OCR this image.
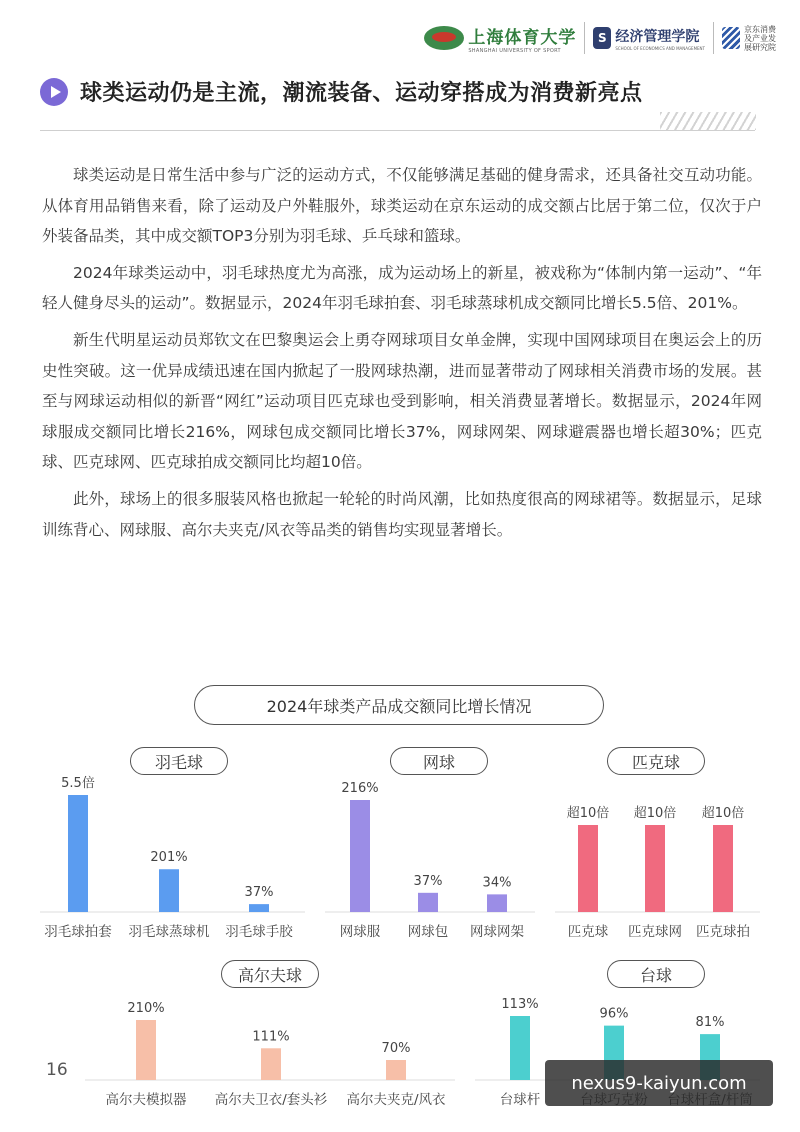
上海体育大学
SHANGHAI UNIVERSITY OF SPORT
S 经济管理学院
SCHOOL OF ECONOMICS AND MANAGEMENT
京东消费及产业发展研究院
球类运动仍是主流，潮流装备、运动穿搭成为消费新亮点

球类运动是日常生活中参与广泛的运动方式，不仅能够满足基础的健身需求，还具备社交互动功能。从体育用品销售来看，除了运动及户外鞋服外，球类运动在京东运动的成交额占比居于第二位，仅次于户外装备品类，其中成交额TOP3分别为羽毛球、乒乓球和篮球。

2024年球类运动中，羽毛球热度尤为高涨，成为运动场上的新星，被戏称为“体制内第一运动”、“年轻人健身尽头的运动”。数据显示，2024年羽毛球拍套、羽毛球蒸球机成交额同比增长5.5倍、201%。

新生代明星运动员郑钦文在巴黎奥运会上勇夺网球项目女单金牌，实现中国网球项目在奥运会上的历史性突破。这一优异成绩迅速在国内掀起了一股网球热潮，进而显著带动了网球相关消费市场的发展。甚至与网球运动相似的新晋“网红”运动项目匹克球也受到影响，相关消费显著增长。数据显示，2024年网球服成交额同比增长216%，网球包成交额同比增长37%，网球网架、网球避震器也增长超30%；匹克球、匹克球网、匹克球拍成交额同比均超10倍。

此外，球场上的很多服装风格也掀起一轮轮的时尚风潮，比如热度很高的网球裙等。数据显示，足球训练背心、网球服、高尔夫夹克/风衣等品类的销售均实现显著增长。

2024年球类产品成交额同比增长情况
羽毛球	网球	匹克球
高尔夫球	台球
5.5倍
羽毛球拍套
201%
羽毛球蒸球机
37%
羽毛球手胶
216%
网球服
37%
网球包
34%
网球网架
超10倍
匹克球
超10倍
匹克球网
超10倍
匹克球拍
210%
高尔夫模拟器
111%
高尔夫卫衣/套头衫
70%
高尔夫夹克/风衣
113%
台球杆
96%
81%
16
nexus9-kaiyun.com
